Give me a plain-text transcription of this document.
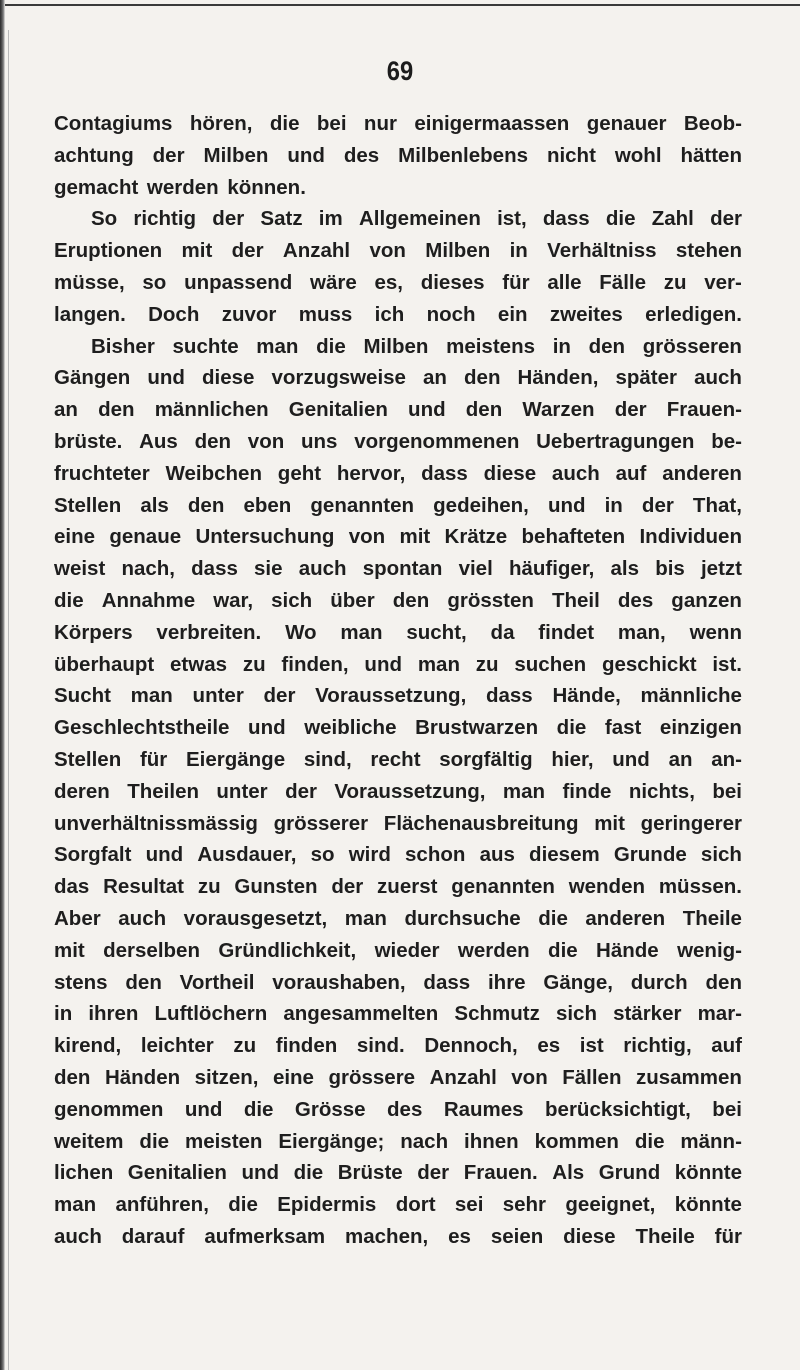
69
Contagiums hören, die bei nur einigermaassen genauer Beob-
achtung der Milben und des Milbenlebens nicht wohl hätten
gemacht werden können.
So richtig der Satz im Allgemeinen ist, dass die Zahl der
Eruptionen mit der Anzahl von Milben in Verhältniss stehen
müsse, so unpassend wäre es, dieses für alle Fälle zu ver-
langen. Doch zuvor muss ich noch ein zweites erledigen.
Bisher suchte man die Milben meistens in den grösseren
Gängen und diese vorzugsweise an den Händen, später auch
an den männlichen Genitalien und den Warzen der Frauen-
brüste. Aus den von uns vorgenommenen Uebertragungen be-
fruchteter Weibchen geht hervor, dass diese auch auf anderen
Stellen als den eben genannten gedeihen, und in der That,
eine genaue Untersuchung von mit Krätze behafteten Individuen
weist nach, dass sie auch spontan viel häufiger, als bis jetzt
die Annahme war, sich über den grössten Theil des ganzen
Körpers verbreiten. Wo man sucht, da findet man, wenn
überhaupt etwas zu finden, und man zu suchen geschickt ist.
Sucht man unter der Voraussetzung, dass Hände, männliche
Geschlechtstheile und weibliche Brustwarzen die fast einzigen
Stellen für Eiergänge sind, recht sorgfältig hier, und an an-
deren Theilen unter der Voraussetzung, man finde nichts, bei
unverhältnissmässig grösserer Flächenausbreitung mit geringerer
Sorgfalt und Ausdauer, so wird schon aus diesem Grunde sich
das Resultat zu Gunsten der zuerst genannten wenden müssen.
Aber auch vorausgesetzt, man durchsuche die anderen Theile
mit derselben Gründlichkeit, wieder werden die Hände wenig-
stens den Vortheil voraushaben, dass ihre Gänge, durch den
in ihren Luftlöchern angesammelten Schmutz sich stärker mar-
kirend, leichter zu finden sind. Dennoch, es ist richtig, auf
den Händen sitzen, eine grössere Anzahl von Fällen zusammen
genommen und die Grösse des Raumes berücksichtigt, bei
weitem die meisten Eiergänge; nach ihnen kommen die männ-
lichen Genitalien und die Brüste der Frauen. Als Grund könnte
man anführen, die Epidermis dort sei sehr geeignet, könnte
auch darauf aufmerksam machen, es seien diese Theile für
